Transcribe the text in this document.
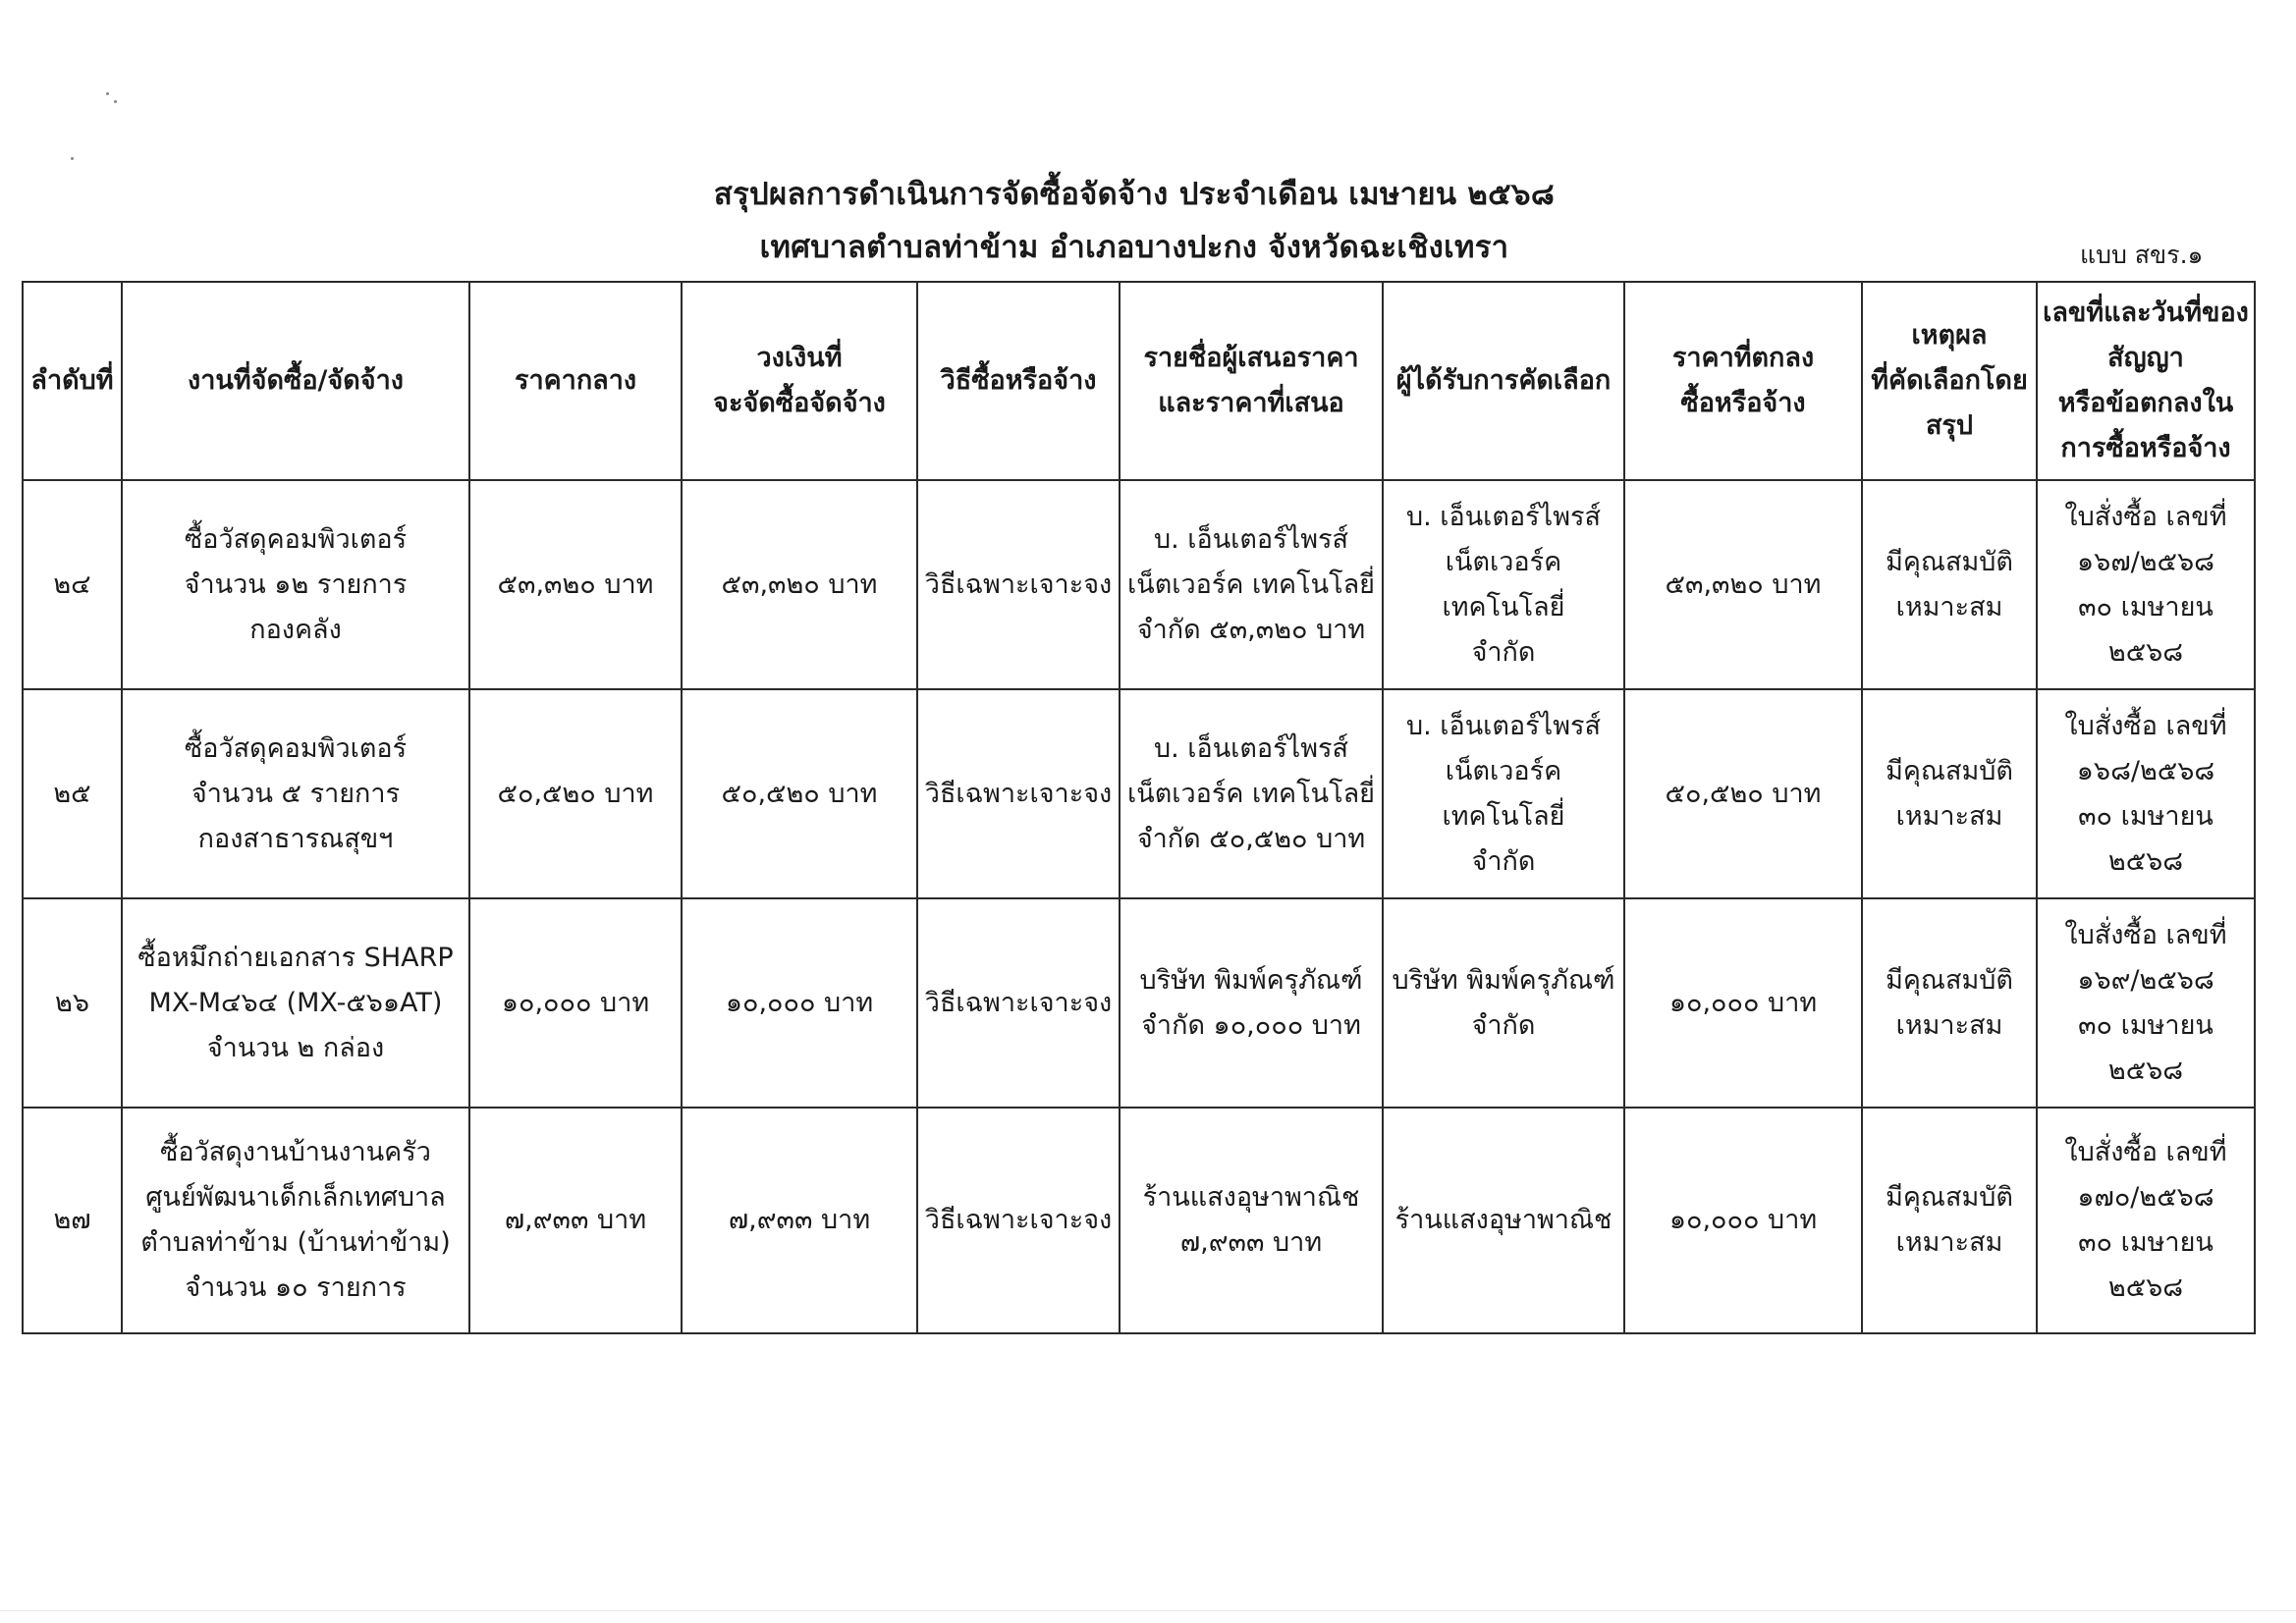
สรุปผลการดำเนินการจัดซื้อจัดจ้าง ประจำเดือน เมษายน ๒๕๖๘
เทศบาลตำบลท่าข้าม อำเภอบางปะกง จังหวัดฉะเชิงเทรา	แบบ สขร.๑
ลำดับที่	งานที่จัดซื้อ/จัดจ้าง	ราคากลาง	วงเงินที่
จะจัดซื้อจัดจ้าง	วิธีซื้อหรือจ้าง	รายชื่อผู้เสนอราคา
และราคาที่เสนอ	ผู้ได้รับการคัดเลือก	ราคาที่ตกลง
ซื้อหรือจ้าง	เหตุผล
ที่คัดเลือกโดย
สรุป	เลขที่และวันที่ของ
สัญญา
หรือข้อตกลงใน
การซื้อหรือจ้าง

๒๔	ซื้อวัสดุคอมพิวเตอร์
จำนวน ๑๒ รายการ
กองคลัง	๕๓,๓๒๐ บาท	๕๓,๓๒๐ บาท	วิธีเฉพาะเจาะจง	บ. เอ็นเตอร์ไพรส์
เน็ตเวอร์ค เทคโนโลยี่
จำกัด ๕๓,๓๒๐ บาท	บ. เอ็นเตอร์ไพรส์
เน็ตเวอร์ค เทคโนโลยี่
จำกัด	๕๓,๓๒๐ บาท	มีคุณสมบัติ
เหมาะสม	ใบสั่งซื้อ เลขที่
๑๖๗/๒๕๖๘
๓๐ เมษายน ๒๕๖๘

๒๕	ซื้อวัสดุคอมพิวเตอร์
จำนวน ๕ รายการ
กองสาธารณสุขฯ	๕๐,๕๒๐ บาท	๕๐,๕๒๐ บาท	วิธีเฉพาะเจาะจง	บ. เอ็นเตอร์ไพรส์
เน็ตเวอร์ค เทคโนโลยี่
จำกัด ๕๐,๕๒๐ บาท	บ. เอ็นเตอร์ไพรส์
เน็ตเวอร์ค เทคโนโลยี่
จำกัด	๕๐,๕๒๐ บาท	มีคุณสมบัติ
เหมาะสม	ใบสั่งซื้อ เลขที่
๑๖๘/๒๕๖๘
๓๐ เมษายน ๒๕๖๘

๒๖	ซื้อหมึกถ่ายเอกสาร SHARP
MX-M๔๖๔ (MX-๕๖๑AT)
จำนวน ๒ กล่อง	๑๐,๐๐๐ บาท	๑๐,๐๐๐ บาท	วิธีเฉพาะเจาะจง	บริษัท พิมพ์ครุภัณฑ์
จำกัด ๑๐,๐๐๐ บาท	บริษัท พิมพ์ครุภัณฑ์
จำกัด	๑๐,๐๐๐ บาท	มีคุณสมบัติ
เหมาะสม	ใบสั่งซื้อ เลขที่
๑๖๙/๒๕๖๘
๓๐ เมษายน ๒๕๖๘

๒๗	ซื้อวัสดุงานบ้านงานครัว
ศูนย์พัฒนาเด็กเล็กเทศบาล
ตำบลท่าข้าม (บ้านท่าข้าม)
จำนวน ๑๐ รายการ	๗,๙๓๓ บาท	๗,๙๓๓ บาท	วิธีเฉพาะเจาะจง	ร้านแสงอุษาพาณิช
๗,๙๓๓ บาท	ร้านแสงอุษาพาณิช	๑๐,๐๐๐ บาท	มีคุณสมบัติ
เหมาะสม	ใบสั่งซื้อ เลขที่
๑๗๐/๒๕๖๘
๓๐ เมษายน ๒๕๖๘
